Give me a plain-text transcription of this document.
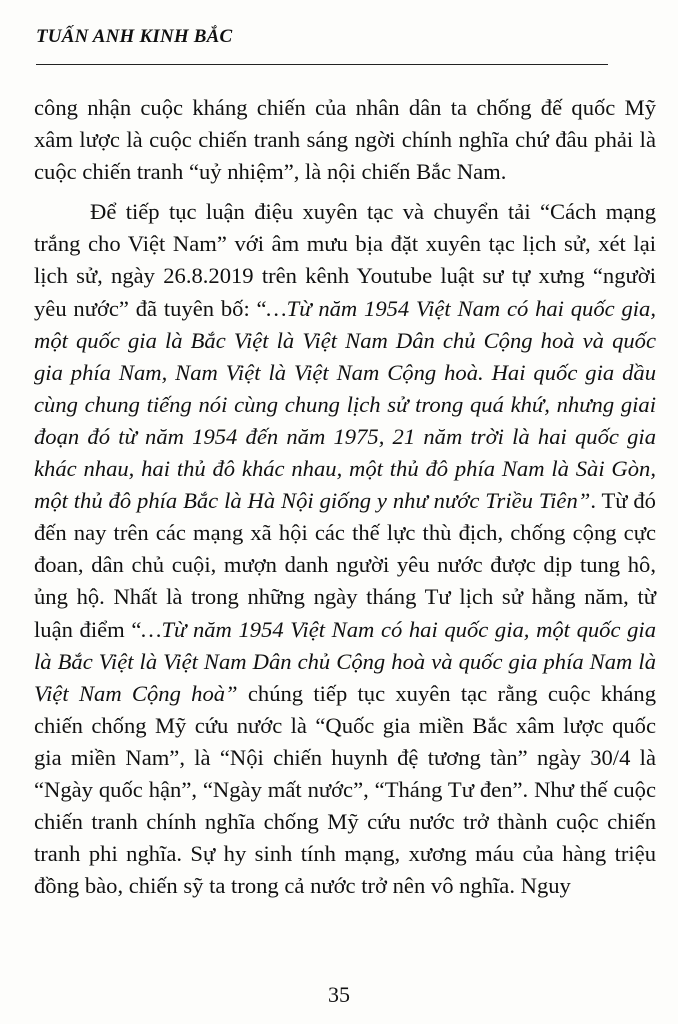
TUẤN ANH KINH BẮC

công nhận cuộc kháng chiến của nhân dân ta chống đế quốc Mỹ xâm lược là cuộc chiến tranh sáng ngời chính nghĩa chứ đâu phải là cuộc chiến tranh “uỷ nhiệm”, là nội chiến Bắc Nam.

Để tiếp tục luận điệu xuyên tạc và chuyển tải “Cách mạng trắng cho Việt Nam” với âm mưu bịa đặt xuyên tạc lịch sử, xét lại lịch sử, ngày 26.8.2019 trên kênh Youtube luật sư tự xưng “người yêu nước” đã tuyên bố: “…Từ năm 1954 Việt Nam có hai quốc gia, một quốc gia là Bắc Việt là Việt Nam Dân chủ Cộng hoà và quốc gia phía Nam, Nam Việt là Việt Nam Cộng hoà. Hai quốc gia dầu cùng chung tiếng nói cùng chung lịch sử trong quá khứ, nhưng giai đoạn đó từ năm 1954 đến năm 1975, 21 năm trời là hai quốc gia khác nhau, hai thủ đô khác nhau, một thủ đô phía Nam là Sài Gòn, một thủ đô phía Bắc là Hà Nội giống y như nước Triều Tiên”. Từ đó đến nay trên các mạng xã hội các thế lực thù địch, chống cộng cực đoan, dân chủ cuội, mượn danh người yêu nước được dịp tung hô, ủng hộ. Nhất là trong những ngày tháng Tư lịch sử hằng năm, từ luận điểm “…Từ năm 1954 Việt Nam có hai quốc gia, một quốc gia là Bắc Việt là Việt Nam Dân chủ Cộng hoà và quốc gia phía Nam là Việt Nam Cộng hoà” chúng tiếp tục xuyên tạc rằng cuộc kháng chiến chống Mỹ cứu nước là “Quốc gia miền Bắc xâm lược quốc gia miền Nam”, là “Nội chiến huynh đệ tương tàn” ngày 30/4 là “Ngày quốc hận”, “Ngày mất nước”, “Tháng Tư đen”. Như thế cuộc chiến tranh chính nghĩa chống Mỹ cứu nước trở thành cuộc chiến tranh phi nghĩa. Sự hy sinh tính mạng, xương máu của hàng triệu đồng bào, chiến sỹ ta trong cả nước trở nên vô nghĩa. Nguy

35
